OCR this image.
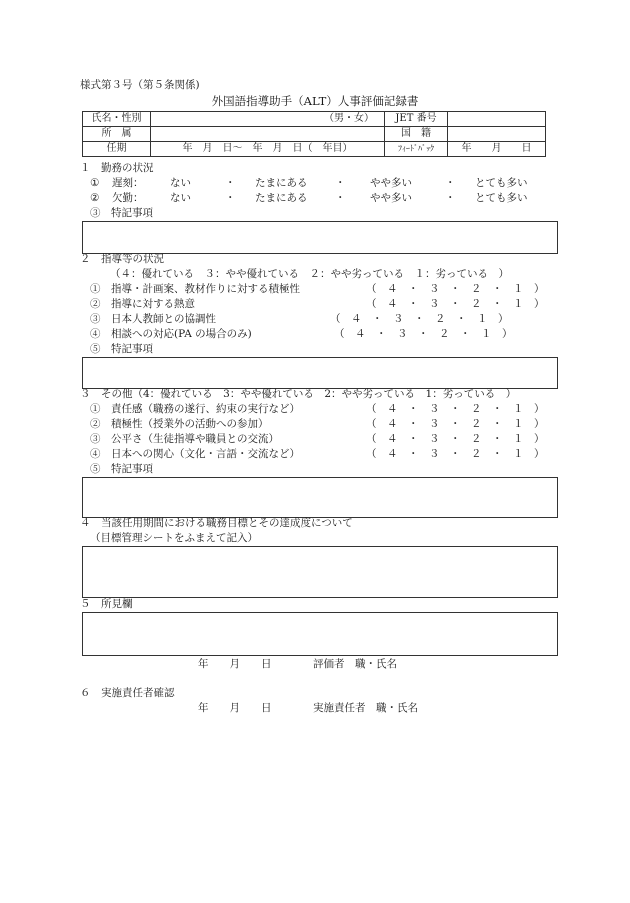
様式第３号（第５条関係)
外国語指導助手（ALT）人事評価記録書
氏名・性別	（男・女）	JET 番号	
所　属		国　籍	
任期	年　月　日〜　年　月　日（　年目）	ﾌｨｰﾄﾞﾊﾞｯｸ	年　　月　　日
１　勤務の状況
① 遅刻：	ない	・ たまにある	・ やや多い	・ とても多い
② 欠勤：	ない	・ たまにある	・ やや多い	・ とても多い
③　特記事項
２　指導等の状況
（４：優れている　３：やや優れている　２：やや劣っている　１：劣っている　）
①　指導・計画案、教材作りに対する積極性	（　４　・　３　・　２　・　１　）
②　指導に対する熱意	（　４　・　３　・　２　・　１　）
③　日本人教師との協調性	（　４　・　３　・　２　・　１　）
④　相談への対応(PA の場合のみ)	（　４　・　３　・　２　・　１　）
⑤　特記事項
３　その他（4：優れている　3：やや優れている　2：やや劣っている　1：劣っている　）
①　責任感（職務の遂行、約束の実行など）	（　４　・　３　・　２　・　１　）
②　積極性（授業外の活動への参加）	（　４　・　３　・　２　・　１　）
③　公平さ（生徒指導や職員との交流）	（　４　・　３　・　２　・　１　）
④　日本への関心（文化・言語・交流など）	（　４　・　３　・　２　・　１　）
⑤　特記事項
４　当該任用期間における職務目標とその達成度について
（目標管理シートをふまえて記入）
５　所見欄
年　　月　　日	評価者　職・氏名
６　実施責任者確認
年　　月　　日	実施責任者　職・氏名
